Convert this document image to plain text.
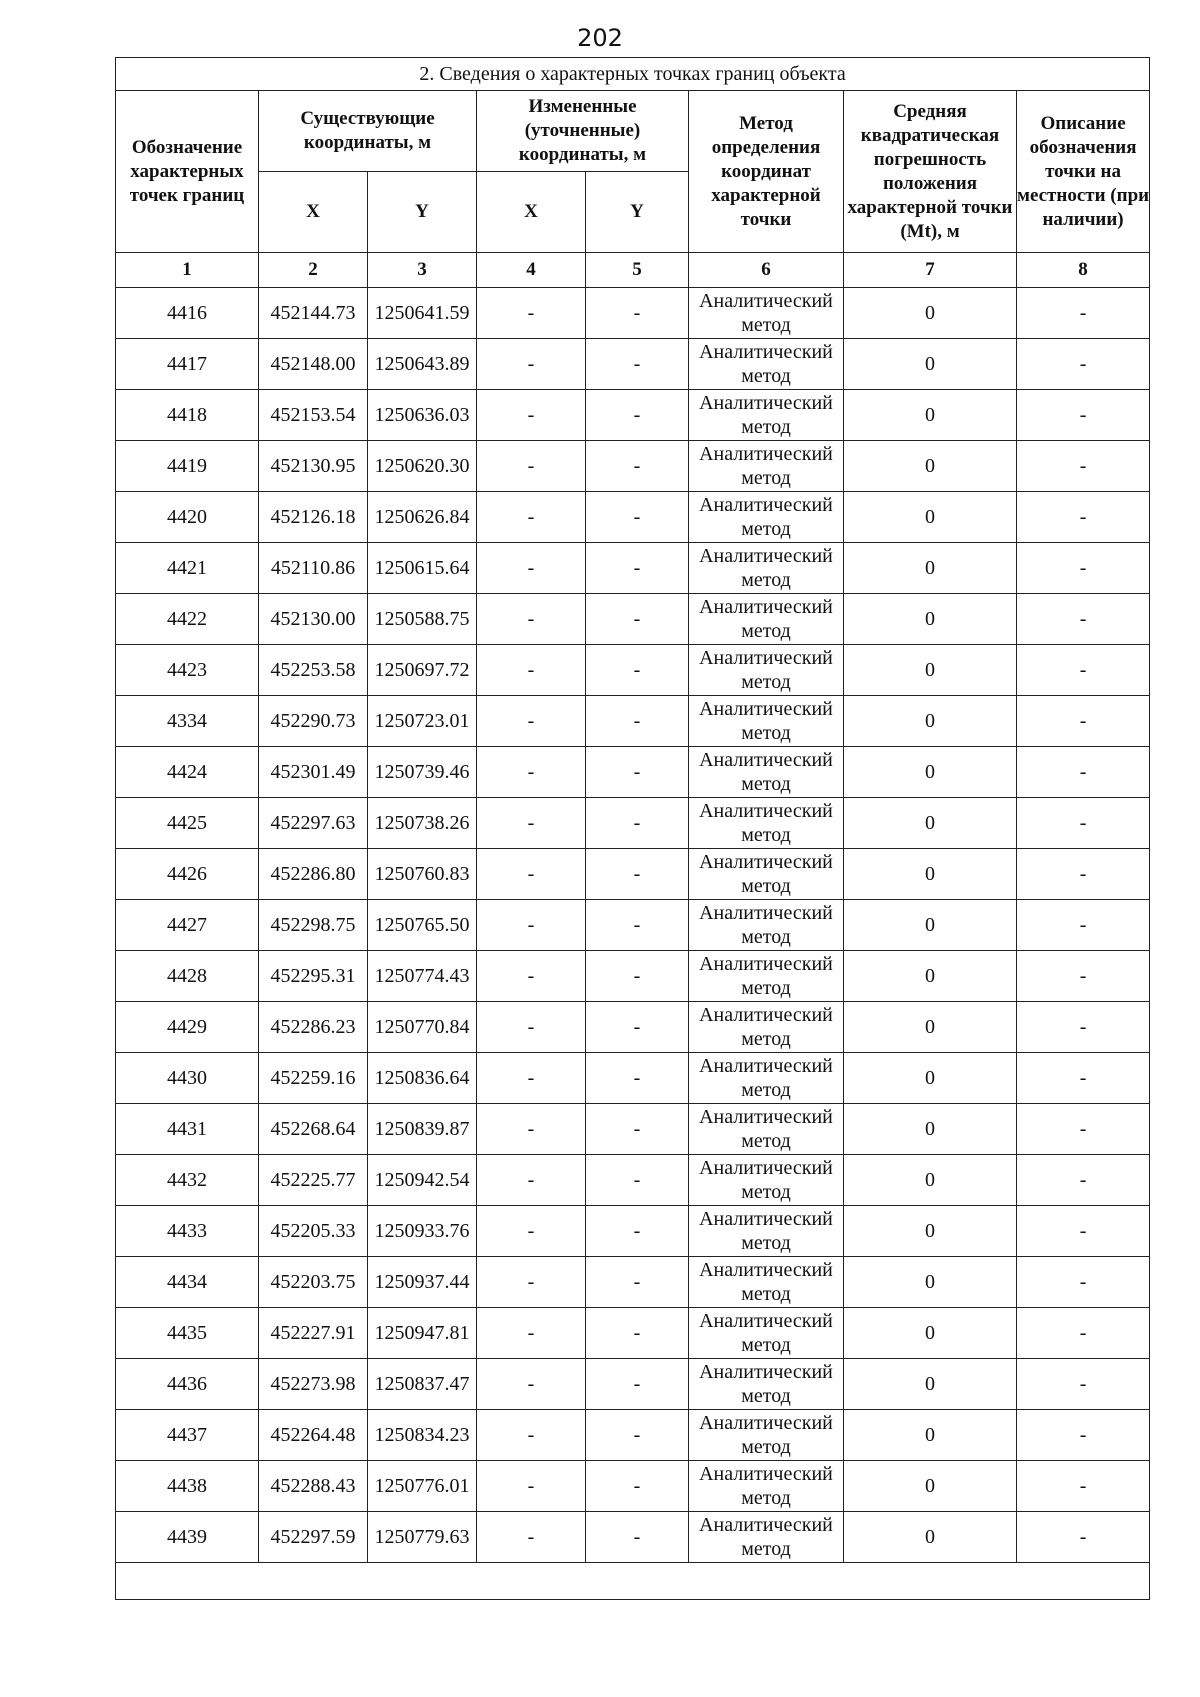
202
2. Сведения о характерных точках границ объекта							
Обозначение характерных точек границ	Существующие координаты, м		Измененные (уточненные) координаты, м		Метод определения координат характерной точки	Средняя квадратическая погрешность положения характерной точки (Mt), м	Описание обозначения точки на местности (при наличии)
	X	Y	X	Y			
1	2	3	4	5	6	7	8
4416	452144.73	1250641.59	-	-	Аналитический метод	0	-
4417	452148.00	1250643.89	-	-	Аналитический метод	0	-
4418	452153.54	1250636.03	-	-	Аналитический метод	0	-
4419	452130.95	1250620.30	-	-	Аналитический метод	0	-
4420	452126.18	1250626.84	-	-	Аналитический метод	0	-
4421	452110.86	1250615.64	-	-	Аналитический метод	0	-
4422	452130.00	1250588.75	-	-	Аналитический метод	0	-
4423	452253.58	1250697.72	-	-	Аналитический метод	0	-
4334	452290.73	1250723.01	-	-	Аналитический метод	0	-
4424	452301.49	1250739.46	-	-	Аналитический метод	0	-
4425	452297.63	1250738.26	-	-	Аналитический метод	0	-
4426	452286.80	1250760.83	-	-	Аналитический метод	0	-
4427	452298.75	1250765.50	-	-	Аналитический метод	0	-
4428	452295.31	1250774.43	-	-	Аналитический метод	0	-
4429	452286.23	1250770.84	-	-	Аналитический метод	0	-
4430	452259.16	1250836.64	-	-	Аналитический метод	0	-
4431	452268.64	1250839.87	-	-	Аналитический метод	0	-
4432	452225.77	1250942.54	-	-	Аналитический метод	0	-
4433	452205.33	1250933.76	-	-	Аналитический метод	0	-
4434	452203.75	1250937.44	-	-	Аналитический метод	0	-
4435	452227.91	1250947.81	-	-	Аналитический метод	0	-
4436	452273.98	1250837.47	-	-	Аналитический метод	0	-
4437	452264.48	1250834.23	-	-	Аналитический метод	0	-
4438	452288.43	1250776.01	-	-	Аналитический метод	0	-
4439	452297.59	1250779.63	-	-	Аналитический метод	0	-
